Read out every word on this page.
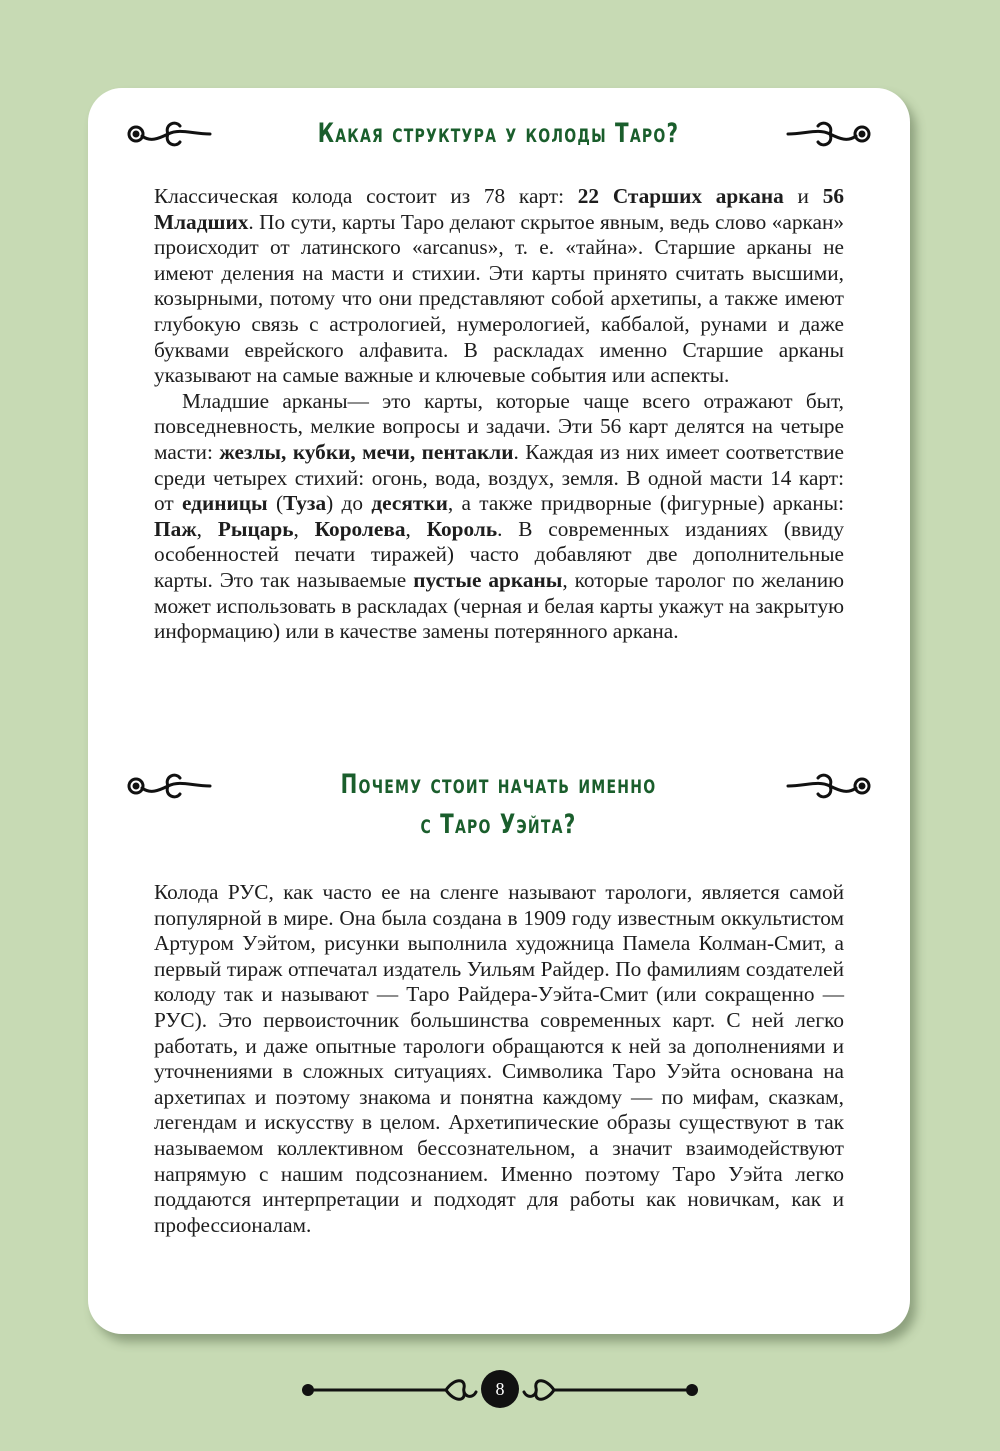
Какая структура у колоды Таро?

Классическая колода состоит из 78 карт: 22 Старших аркана и 56 Младших. По сути, карты Таро делают скрытое явным, ведь слово «аркан» происходит от латинского «arcanus», т. е. «тайна». Старшие арканы не имеют деления на масти и стихии. Эти карты принято считать высшими, козырными, потому что они представляют собой архетипы, а также имеют глубокую связь с астрологией, нумерологией, каббалой, рунами и даже буквами еврейского алфавита. В раскладах именно Старшие арканы указывают на самые важные и ключевые события или аспекты.

Младшие арканы— это карты, которые чаще всего отражают быт, повседневность, мелкие вопросы и задачи. Эти 56 карт делятся на четыре масти: жезлы, кубки, мечи, пентакли. Каждая из них имеет соответствие среди четырех стихий: огонь, вода, воздух, земля. В одной масти 14 карт: от единицы (Туза) до десятки, а также придворные (фигурные) арканы: Паж, Рыцарь, Королева, Король. В современных изданиях (ввиду особенностей печати тиражей) часто добавляют две дополнительные карты. Это так называемые пустые арканы, которые таролог по желанию может использовать в раскладах (черная и белая карты укажут на закрытую информацию) или в качестве замены потерянного аркана.

Почему стоит начать именно
с Таро Уэйта?

Колода РУС, как часто ее на сленге называют тарологи, является самой популярной в мире. Она была создана в 1909 году известным оккультистом Артуром Уэйтом, рисунки выполнила художница Памела Колман-Смит, а первый тираж отпечатал издатель Уильям Райдер. По фамилиям создателей колоду так и называют — Таро Райдера-Уэйта-Смит (или сокращенно — РУС). Это первоисточник большинства современных карт. С ней легко работать, и даже опытные тарологи обращаются к ней за дополнениями и уточнениями в сложных ситуациях. Символика Таро Уэйта основана на архетипах и поэтому знакома и понятна каждому — по мифам, сказкам, легендам и искусству в целом. Архетипические образы существуют в так называемом коллективном бессознательном, а значит взаимодействуют напрямую с нашим подсознанием. Именно поэтому Таро Уэйта легко поддаются интерпретации и подходят для работы как новичкам, как и профессионалам.

8
